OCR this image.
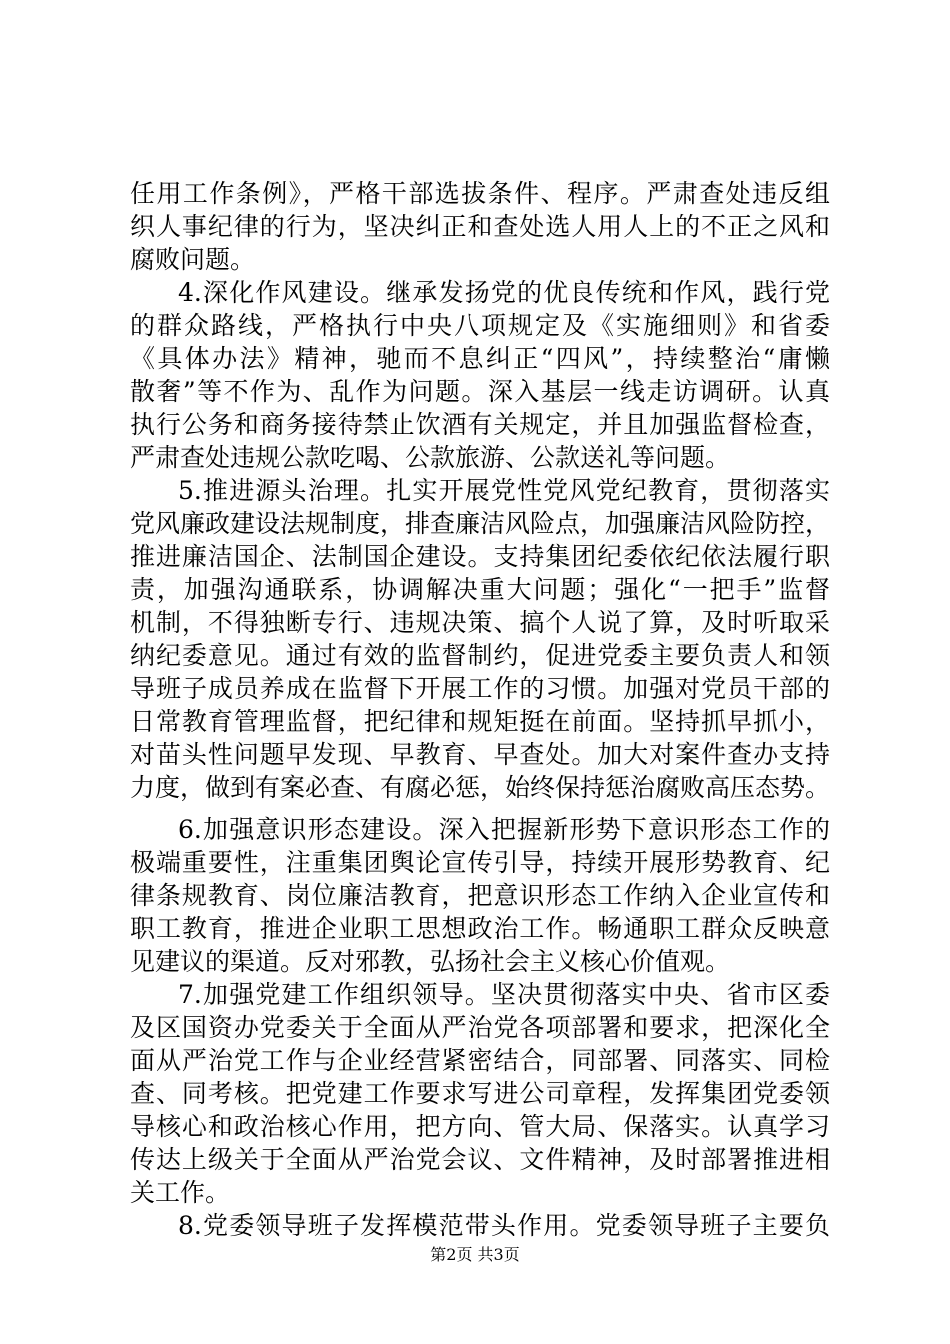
任用工作条例》，严格干部选拔条件、程序。严肃查处违反组
织人事纪律的行为，坚决纠正和查处选人用人上的不正之风和
腐败问题。
4.深化作风建设。继承发扬党的优良传统和作风，践行党
的群众路线，严格执行中央八项规定及《实施细则》和省委
《具体办法》精神，驰而不息纠正“四风”，持续整治“庸懒
散奢”等不作为、乱作为问题。深入基层一线走访调研。认真
执行公务和商务接待禁止饮酒有关规定，并且加强监督检查，
严肃查处违规公款吃喝、公款旅游、公款送礼等问题。
5.推进源头治理。扎实开展党性党风党纪教育，贯彻落实
党风廉政建设法规制度，排查廉洁风险点，加强廉洁风险防控，
推进廉洁国企、法制国企建设。支持集团纪委依纪依法履行职
责，加强沟通联系，协调解决重大问题；强化“一把手”监督
机制，不得独断专行、违规决策、搞个人说了算，及时听取采
纳纪委意见。通过有效的监督制约，促进党委主要负责人和领
导班子成员养成在监督下开展工作的习惯。加强对党员干部的
日常教育管理监督，把纪律和规矩挺在前面。坚持抓早抓小，
对苗头性问题早发现、早教育、早查处。加大对案件查办支持
力度，做到有案必查、有腐必惩，始终保持惩治腐败高压态势。
6.加强意识形态建设。深入把握新形势下意识形态工作的
极端重要性，注重集团舆论宣传引导，持续开展形势教育、纪
律条规教育、岗位廉洁教育，把意识形态工作纳入企业宣传和
职工教育，推进企业职工思想政治工作。畅通职工群众反映意
见建议的渠道。反对邪教，弘扬社会主义核心价值观。
7.加强党建工作组织领导。坚决贯彻落实中央、省市区委
及区国资办党委关于全面从严治党各项部署和要求，把深化全
面从严治党工作与企业经营紧密结合，同部署、同落实、同检
查、同考核。把党建工作要求写进公司章程，发挥集团党委领
导核心和政治核心作用，把方向、管大局、保落实。认真学习
传达上级关于全面从严治党会议、文件精神，及时部署推进相
关工作。
8.党委领导班子发挥模范带头作用。党委领导班子主要负
第2页 共3页
